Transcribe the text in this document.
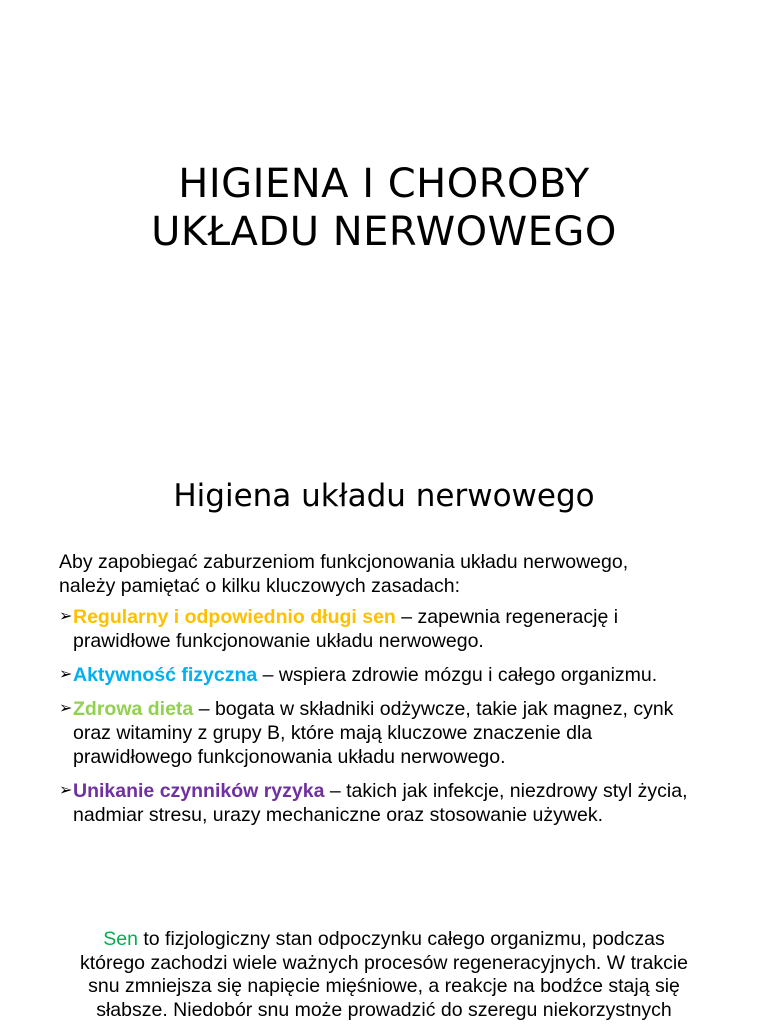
HIGIENA I CHOROBY
UKŁADU NERWOWEGO
Higiena układu nerwowego
Aby zapobiegać zaburzeniom funkcjonowania układu nerwowego,
należy pamiętać o kilku kluczowych zasadach:
➢ Regularny i odpowiednio długi sen – zapewnia regenerację i
prawidłowe funkcjonowanie układu nerwowego.
➢ Aktywność fizyczna – wspiera zdrowie mózgu i całego organizmu.
➢ Zdrowa dieta – bogata w składniki odżywcze, takie jak magnez, cynk
oraz witaminy z grupy B, które mają kluczowe znaczenie dla
prawidłowego funkcjonowania układu nerwowego.
➢ Unikanie czynników ryzyka – takich jak infekcje, niezdrowy styl życia,
nadmiar stresu, urazy mechaniczne oraz stosowanie używek.
Sen to fizjologiczny stan odpoczynku całego organizmu, podczas
którego zachodzi wiele ważnych procesów regeneracyjnych. W trakcie
snu zmniejsza się napięcie mięśniowe, a reakcje na bodźce stają się
słabsze. Niedobór snu może prowadzić do szeregu niekorzystnych
